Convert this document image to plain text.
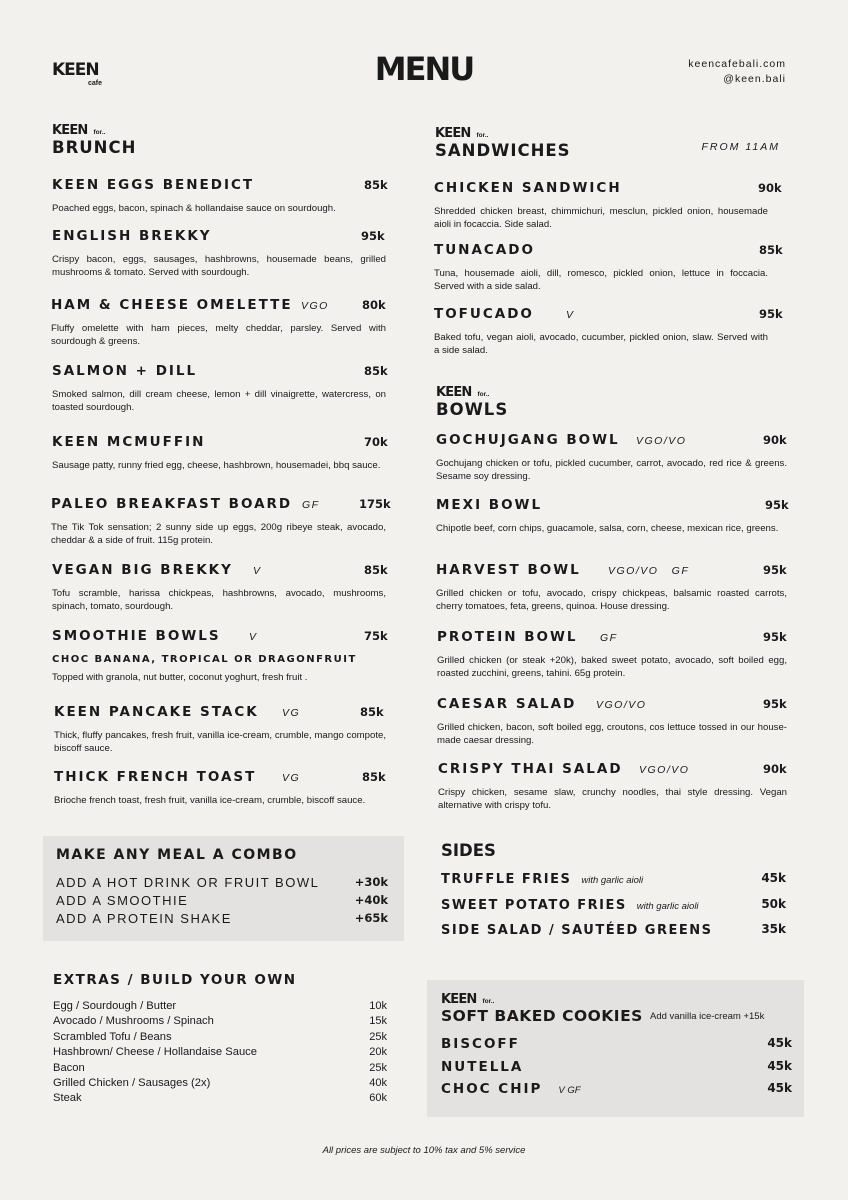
KEEN
cafe	MENU	keencafebali.com
@keen.bali
KEEN for..
BRUNCH
KEEN EGGS BENEDICT	85k
Poached eggs, bacon, spinach & hollandaise sauce on sourdough.
ENGLISH BREKKY	95k
Crispy bacon, eggs, sausages, hashbrowns, housemade beans, grilled mushrooms & tomato. Served with sourdough.
HAM & CHEESE OMELETTE VGO	80k
Fluffy omelette with ham pieces, melty cheddar, parsley. Served with sourdough & greens.
SALMON + DILL	85k
Smoked salmon, dill cream cheese, lemon + dill vinaigrette, watercress, on toasted sourdough.
KEEN MCMUFFIN	70k
Sausage patty, runny fried egg, cheese, hashbrown, housemadei, bbq sauce.
PALEO BREAKFAST BOARD GF	175k
The Tik Tok sensation; 2 sunny side up eggs, 200g ribeye steak, avocado, cheddar & a side of fruit. 115g protein.
VEGAN BIG BREKKY V	85k
Tofu scramble, harissa chickpeas, hashbrowns, avocado, mushrooms, spinach, tomato, sourdough.
SMOOTHIE BOWLS	V	75k
CHOC BANANA, TROPICAL OR DRAGONFRUIT
Topped with granola, nut butter, coconut yoghurt, fresh fruit .
KEEN PANCAKE STACK VG	85k
Thick, fluffy pancakes, fresh fruit, vanilla ice-cream, crumble, mango compote, biscoff sauce.
THICK FRENCH TOAST VG	85k
Brioche french toast, fresh fruit, vanilla ice-cream, crumble, biscoff sauce.
KEEN for..
SANDWICHES	FROM 11AM
CHICKEN SANDWICH	90k
Shredded chicken breast, chimmichuri, mesclun, pickled onion, housemade aioli in focaccia. Side salad.
TUNACADO	85k
Tuna, housemade aioli, dill, romesco, pickled onion, lettuce in foccacia. Served with a side salad.
TOFUCADO	V	95k
Baked tofu, vegan aioli, avocado, cucumber, pickled onion, slaw. Served with a side salad.
KEEN for..
BOWLS
GOCHUJGANG BOWL VGO/VO	90k
Gochujang chicken or tofu, pickled cucumber, carrot, avocado, red rice & greens. Sesame soy dressing.
MEXI BOWL	95k
Chipotle beef, corn chips, guacamole, salsa, corn, cheese, mexican rice, greens.
HARVEST BOWL	VGO/VO   GF	95k
Grilled chicken or tofu, avocado, crispy chickpeas, balsamic roasted carrots, cherry tomatoes, feta, greens, quinoa. House dressing.
PROTEIN BOWL GF	95k
Grilled chicken (or steak +20k), baked sweet potato, avocado, soft boiled egg, roasted zucchini, greens, tahini. 65g protein.
CAESAR SALAD VGO/VO	95k
Grilled chicken, bacon, soft boiled egg, croutons, cos lettuce tossed in our house-made caesar dressing.
CRISPY THAI SALAD VGO/VO	90k
Crispy chicken, sesame slaw, crunchy noodles, thai style dressing. Vegan alternative with crispy tofu.
MAKE ANY MEAL A COMBO
ADD A HOT DRINK OR FRUIT BOWL	+30k
ADD A SMOOTHIE	+40k
ADD A PROTEIN SHAKE	+65k
EXTRAS / BUILD YOUR OWN
Egg / Sourdough / Butter	10k
Avocado / Mushrooms / Spinach	15k
Scrambled Tofu / Beans	25k
Hashbrown/ Cheese / Hollandaise Sauce	20k
Bacon	25k
Grilled Chicken / Sausages (2x)	40k
Steak	60k
SIDES
TRUFFLE FRIES with garlic aioli	45k
SWEET POTATO FRIES with garlic aioli	50k
SIDE SALAD / SAUTÉED GREENS	35k
KEEN for..
SOFT BAKED COOKIES Add vanilla ice-cream +15k
BISCOFF	45k
NUTELLA	45k
CHOC CHIP V GF	45k
All prices are subject to 10% tax and 5% service
